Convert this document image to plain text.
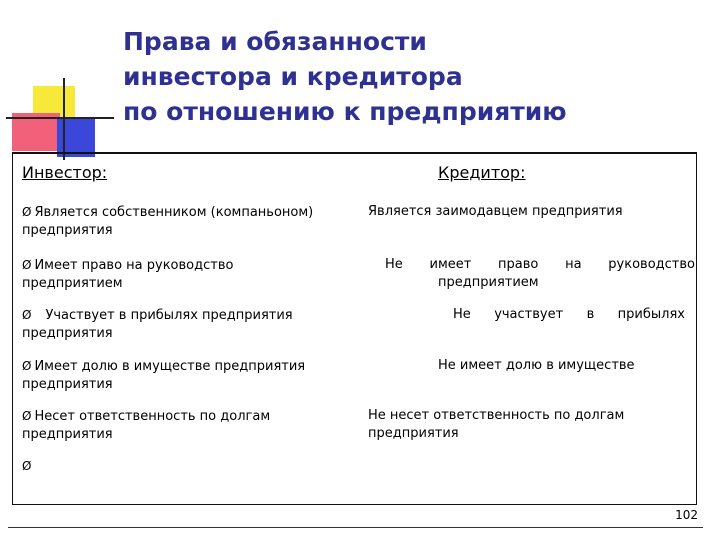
Права и обязанности
инвестора и кредитора
по отношению к предприятию
Инвестор:	Кредитор:
Ø Является собственником (компаньоном)
предприятия
Ø Имеет право на руководство
предприятием
Ø Участвует в прибылях предприятия
предприятия
Ø Имеет долю в имуществе предприятия
предприятия
Ø Несет ответственность по долгам
предприятия
Ø
Является заимодавцем предприятия
Не имеет право на руководство
предприятием
Не участвует в прибылях
Не имеет долю в имуществе
Не несет ответственность по долгам
предприятия
102
